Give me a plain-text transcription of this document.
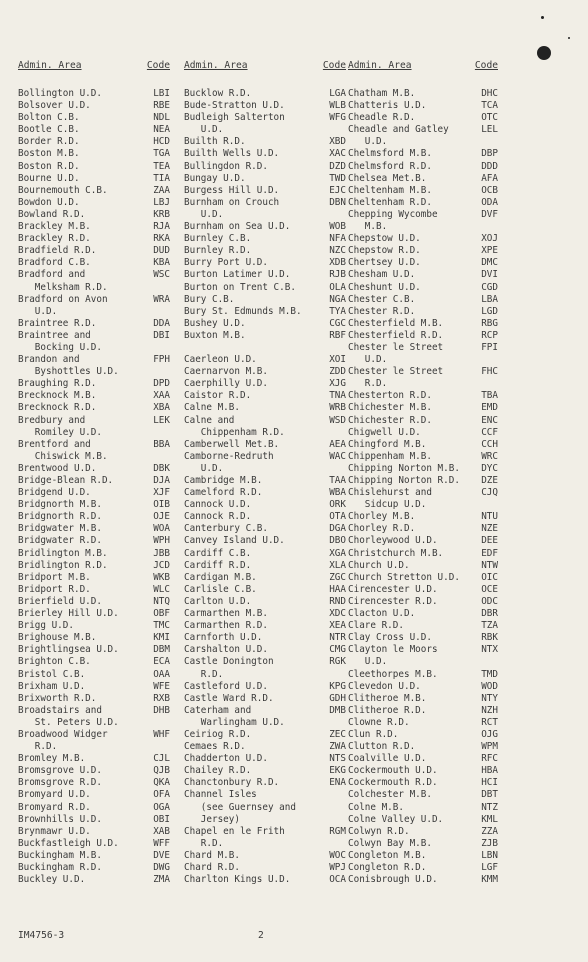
Admin. Area	Code
Bollington U.D.	LBI
Bolsover U.D.	RBE
Bolton C.B.	NDL
Bootle C.B.	NEA
Border R.D.	HCD
Boston M.B.	TGA
Boston R.D.	TEA
Bourne U.D.	TIA
Bournemouth C.B.	ZAA
Bowdon U.D.	LBJ
Bowland R.D.	KRB
Brackley M.B.	RJA
Brackley R.D.	RKA
Bradfield R.D.	DUD
Bradford C.B.	KBA
Bradford and	WSC
Melksham R.D.
Bradford on Avon	WRA
U.D.
Braintree R.D.	DDA
Braintree and	DBI
Bocking U.D.
Brandon and	FPH
Byshottles U.D.
Braughing R.D.	DPD
Brecknock M.B.	XAA
Brecknock R.D.	XBA
Bredbury and	LEK
Romiley U.D.
Brentford and	BBA
Chiswick M.B.
Brentwood U.D.	DBK
Bridge-Blean R.D.	DJA
Bridgend U.D.	XJF
Bridgnorth M.B.	OIB
Bridgnorth R.D.	OJE
Bridgwater M.B.	WOA
Bridgwater R.D.	WPH
Bridlington M.B.	JBB
Bridlington R.D.	JCD
Bridport M.B.	WKB
Bridport R.D.	WLC
Brierfield U.D.	NTQ
Brierley Hill U.D.	OBF
Brigg U.D.	TMC
Brighouse M.B.	KMI
Brightlingsea U.D.	DBM
Brighton C.B.	ECA
Bristol C.B.	OAA
Brixham U.D.	WFE
Brixworth R.D.	RXB
Broadstairs and	DHB
St. Peters U.D.
Broadwood Widger	WHF
R.D.
Bromley M.B.	CJL
Bromsgrove U.D.	QJB
Bromsgrove R.D.	QKA
Bromyard U.D.	OFA
Bromyard R.D.	OGA
Brownhills U.D.	OBI
Brynmawr U.D.	XAB
Buckfastleigh U.D.	WFF
Buckingham M.B.	DVE
Buckingham R.D.	DWG
Buckley U.D.	ZMA
Admin. Area	Code
Bucklow R.D.	LGA
Bude-Stratton U.D.	WLB
Budleigh Salterton	WFG
U.D.
Builth R.D.	XBD
Builth Wells U.D.	XAC
Bullingdon R.D.	DZD
Bungay U.D.	TWD
Burgess Hill U.D.	EJC
Burnham on Crouch	DBN
U.D.
Burnham on Sea U.D.	WOB
Burnley C.B.	NFA
Burnley R.D.	NZC
Burry Port U.D.	XDB
Burton Latimer U.D.	RJB
Burton on Trent C.B.	OLA
Bury C.B.	NGA
Bury St. Edmunds M.B.	TYA
Bushey U.D.	CGC
Buxton M.B.	RBF
Caerleon U.D.	XOI
Caernarvon M.B.	ZDD
Caerphilly U.D.	XJG
Caistor R.D.	TNA
Calne M.B.	WRB
Calne and	WSD
Chippenham R.D.
Camberwell Met.B.	AEA
Camborne-Redruth	WAC
U.D.
Cambridge M.B.	TAA
Camelford R.D.	WBA
Cannock U.D.	ORK
Cannock R.D.	OTA
Canterbury C.B.	DGA
Canvey Island U.D.	DBO
Cardiff C.B.	XGA
Cardiff R.D.	XLA
Cardigan M.B.	ZGC
Carlisle C.B.	HAA
Carlton U.D.	RND
Carmarthen M.B.	XDC
Carmarthen R.D.	XEA
Carnforth U.D.	NTR
Carshalton U.D.	CMG
Castle Donington	RGK
R.D.
Castleford U.D.	KPG
Castle Ward R.D.	GDH
Caterham and	DMB
Warlingham U.D.
Ceiriog R.D.	ZEC
Cemaes R.D.	ZWA
Chadderton U.D.	NTS
Chailey R.D.	EKG
Chanctonbury R.D.	ENA
Channel Isles
(see Guernsey and
Jersey)
Chapel en le Frith	RGM
R.D.
Chard M.B.	WOC
Chard R.D.	WPJ
Charlton Kings U.D.	OCA
Admin. Area	Code
Chatham M.B.	DHC
Chatteris U.D.	TCA
Cheadle R.D.	OTC
Cheadle and Gatley	LEL
U.D.
Chelmsford M.B.	DBP
Chelmsford R.D.	DDD
Chelsea Met.B.	AFA
Cheltenham M.B.	OCB
Cheltenham R.D.	ODA
Chepping Wycombe	DVF
M.B.
Chepstow U.D.	XOJ
Chepstow R.D.	XPE
Chertsey U.D.	DMC
Chesham U.D.	DVI
Cheshunt U.D.	CGD
Chester C.B.	LBA
Chester R.D.	LGD
Chesterfield M.B.	RBG
Chesterfield R.D.	RCP
Chester le Street	FPI
U.D.
Chester le Street	FHC
R.D.
Chesterton R.D.	TBA
Chichester M.B.	EMD
Chichester R.D.	ENC
Chigwell U.D.	CCF
Chingford M.B.	CCH
Chippenham M.B.	WRC
Chipping Norton M.B. DYC
Chipping Norton R.D. DZE
Chislehurst and	CJQ
Sidcup U.D.
Chorley M.B.	NTU
Chorley R.D.	NZE
Chorleywood U.D.	DEE
Christchurch M.B.	EDF
Church U.D.	NTW
Church Stretton U.D. OIC
Cirencester U.D.	OCE
Cirencester R.D.	ODC
Clacton U.D.	DBR
Clare R.D.	TZA
Clay Cross U.D.	RBK
Clayton le Moors	NTX
U.D.
Cleethorpes M.B.	TMD
Clevedon U.D.	WOD
Clitheroe M.B.	NTY
Clitheroe R.D.	NZH
Clowne R.D.	RCT
Clun R.D.	OJG
Clutton R.D.	WPM
Coalville U.D.	RFC
Cockermouth U.D.	HBA
Cockermouth R.D.	HCI
Colchester M.B.	DBT
Colne M.B.	NTZ
Colne Valley U.D.	KML
Colwyn R.D.	ZZA
Colwyn Bay M.B.	ZJB
Congleton M.B.	LBN
Congleton R.D.	LGF
Conisbrough U.D.	KMM
IM4756-3	2
